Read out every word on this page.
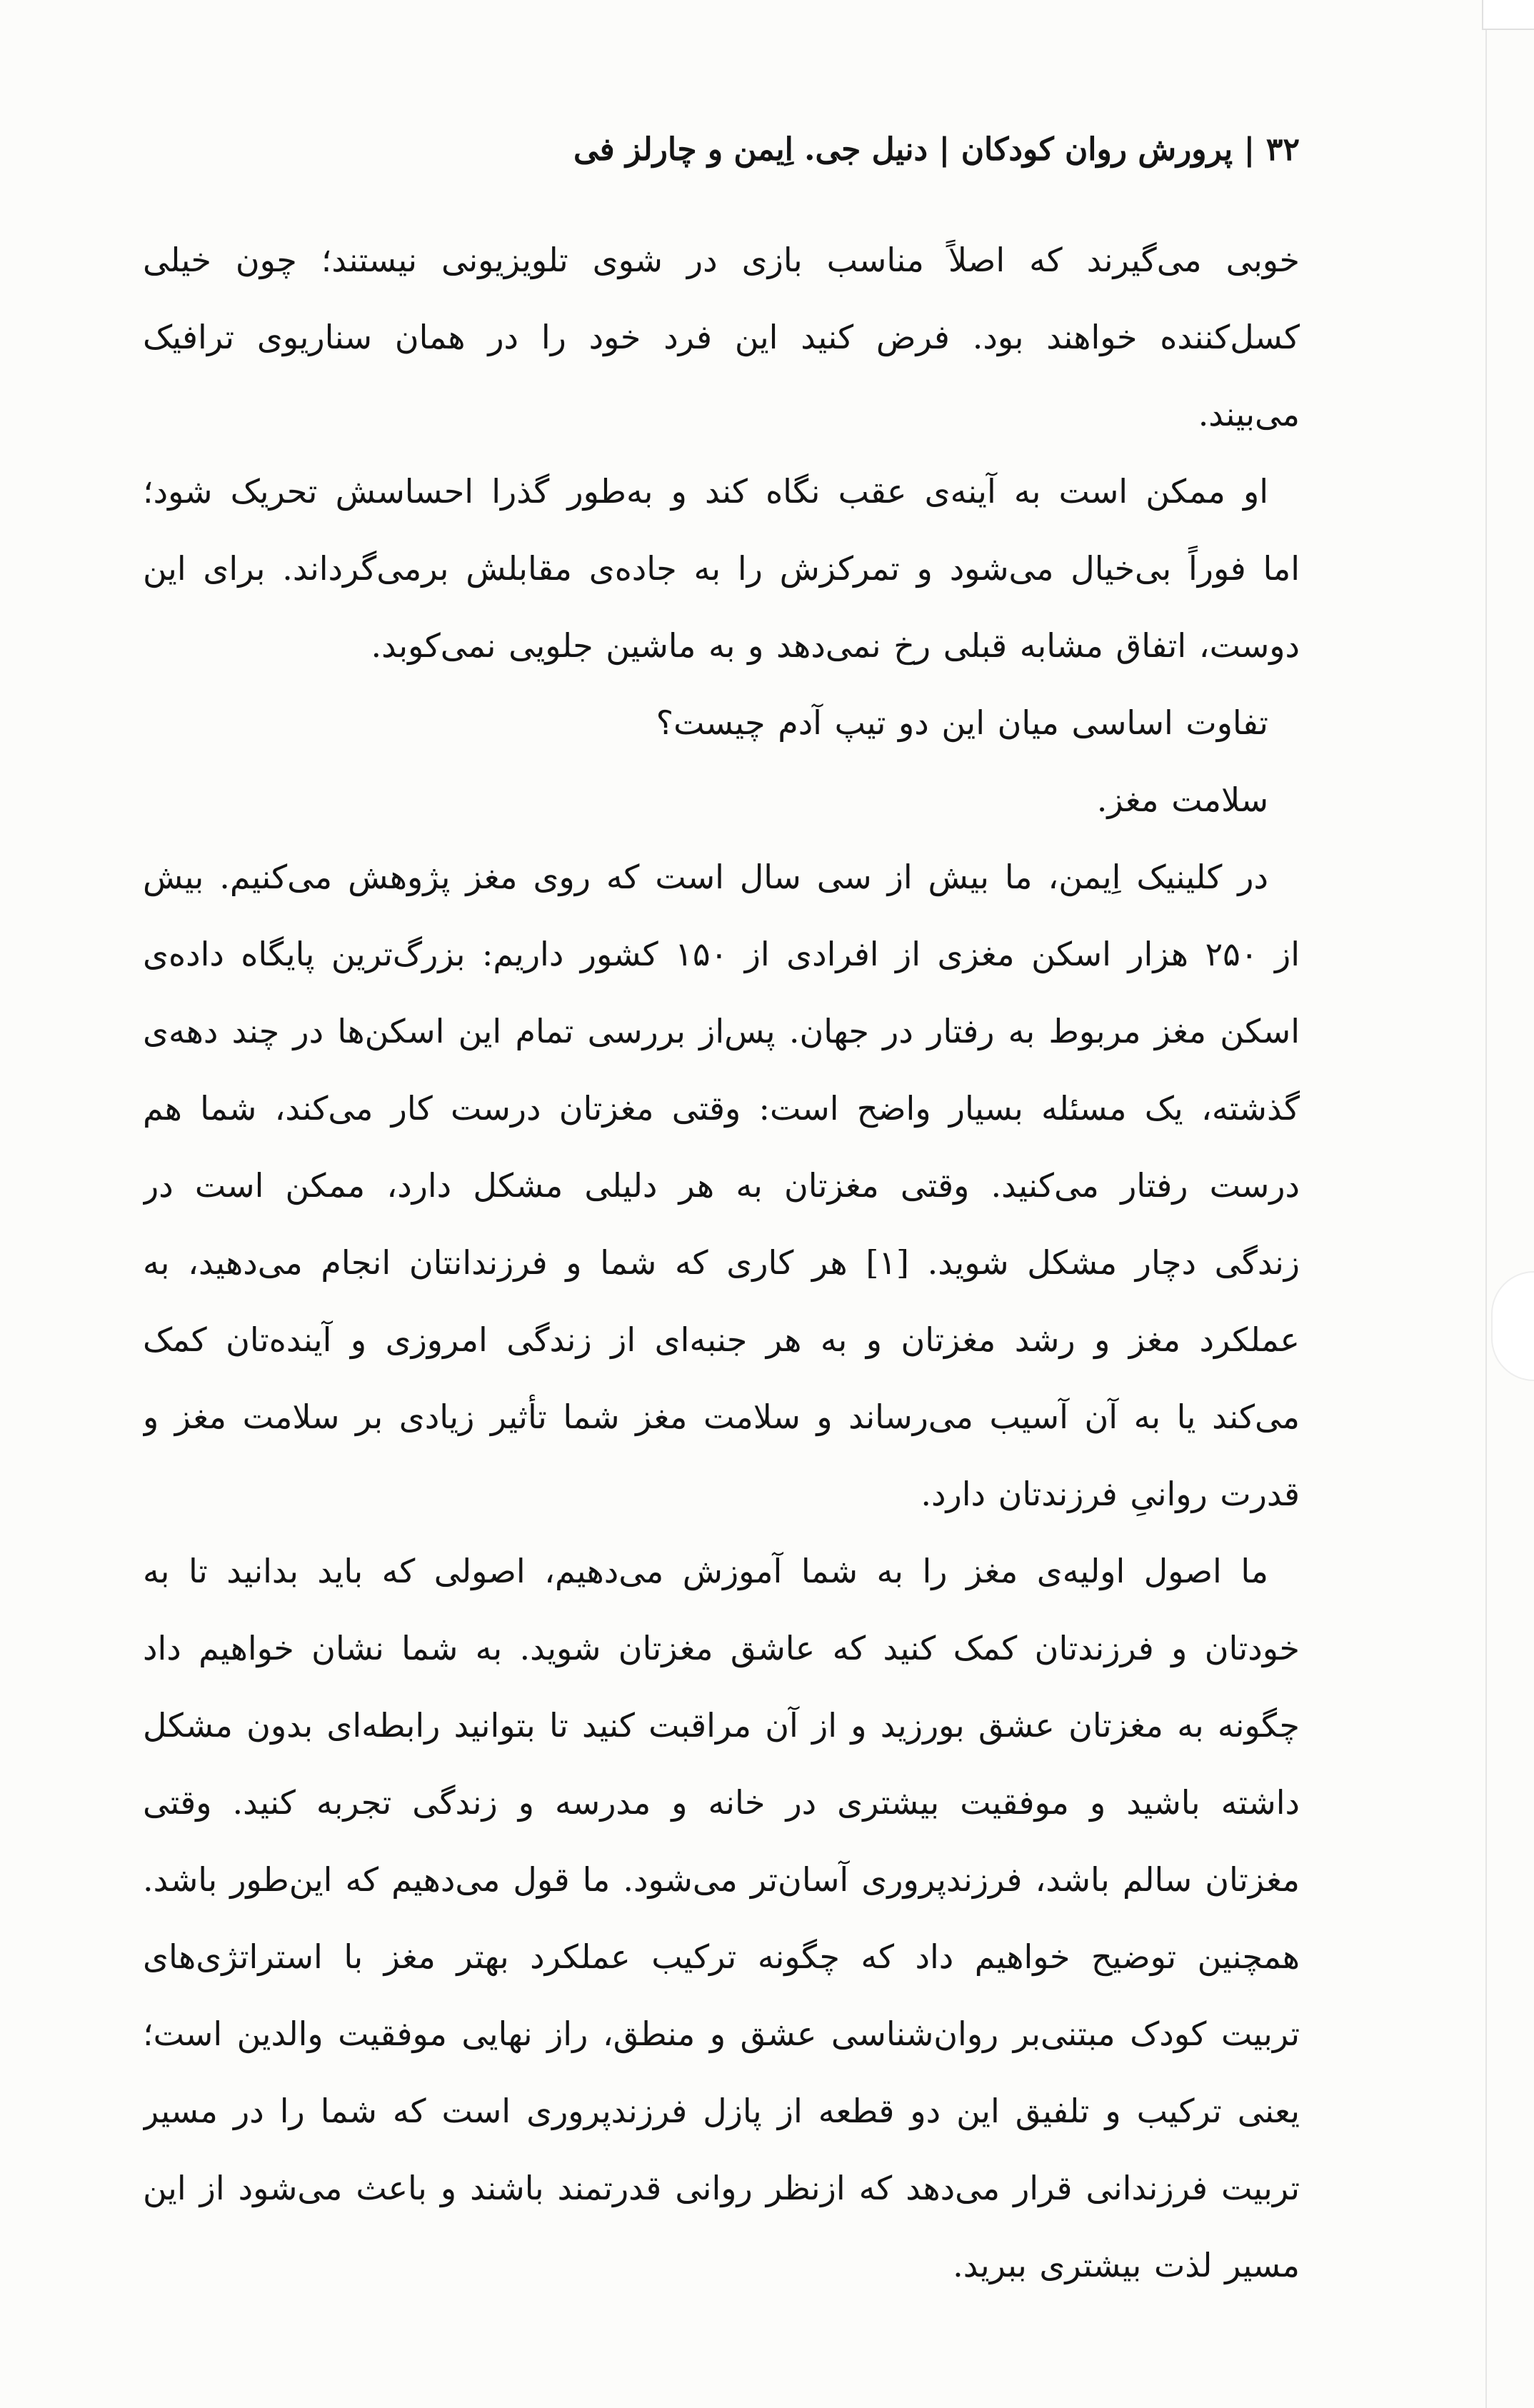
۳۲ | پرورش روان کودکان | دنیل جی. اِیمن و چارلز فی
خوبی می‌گیرند که اصلاً مناسب بازی در شوی تلویزیونی نیستند؛ چون خیلی
کسل‌کننده خواهند بود. فرض کنید این فرد خود را در همان سناریوی ترافیک
می‌بیند.
او ممکن است به آینه‌ی عقب نگاه کند و به‌طور گذرا احساسش تحریک شود؛
اما فوراً بی‌خیال می‌شود و تمرکزش را به جاده‌ی مقابلش برمی‌گرداند. برای این
دوست، اتفاق مشابه قبلی رخ نمی‌دهد و به ماشین جلویی نمی‌کوبد.
تفاوت اساسی میان این دو تیپ آدم چیست؟
سلامت مغز.
در کلینیک اِیمن، ما بیش از سی سال است که روی مغز پژوهش می‌کنیم. بیش
از ۲۵۰ هزار اسکن مغزی از افرادی از ۱۵۰ کشور داریم: بزرگ‌ترین پایگاه داده‌ی
اسکن مغز مربوط به رفتار در جهان. پس‌از بررسی تمام این اسکن‌ها در چند دهه‌ی
گذشته، یک مسئله بسیار واضح است: وقتی مغزتان درست کار می‌کند، شما هم
درست رفتار می‌کنید. وقتی مغزتان به هر دلیلی مشکل دارد، ممکن است در
زندگی دچار مشکل شوید. [۱] هر کاری که شما و فرزندانتان انجام می‌دهید، به
عملکرد مغز و رشد مغزتان و به هر جنبه‌ای از زندگی امروزی و آینده‌تان کمک
می‌کند یا به آن آسیب می‌رساند و سلامت مغز شما تأثیر زیادی بر سلامت مغز و
قدرت روانیِ فرزندتان دارد.
ما اصول اولیه‌ی مغز را به شما آموزش می‌دهیم، اصولی که باید بدانید تا به
خودتان و فرزندتان کمک کنید که عاشق مغزتان شوید. به شما نشان خواهیم داد
چگونه به مغزتان عشق بورزید و از آن مراقبت کنید تا بتوانید رابطه‌ای بدون مشکل
داشته باشید و موفقیت بیشتری در خانه و مدرسه و زندگی تجربه کنید. وقتی
مغزتان سالم باشد، فرزندپروری آسان‌تر می‌شود. ما قول می‌دهیم که این‌طور باشد.
همچنین توضیح خواهیم داد که چگونه ترکیب عملکرد بهتر مغز با استراتژی‌های
تربیت کودک مبتنی‌بر روان‌شناسی عشق و منطق، راز نهایی موفقیت والدین است؛
یعنی ترکیب و تلفیق این دو قطعه از پازل فرزندپروری است که شما را در مسیر
تربیت فرزندانی قرار می‌دهد که ازنظر روانی قدرتمند باشند و باعث می‌شود از این
مسیر لذت بیشتری ببرید.
